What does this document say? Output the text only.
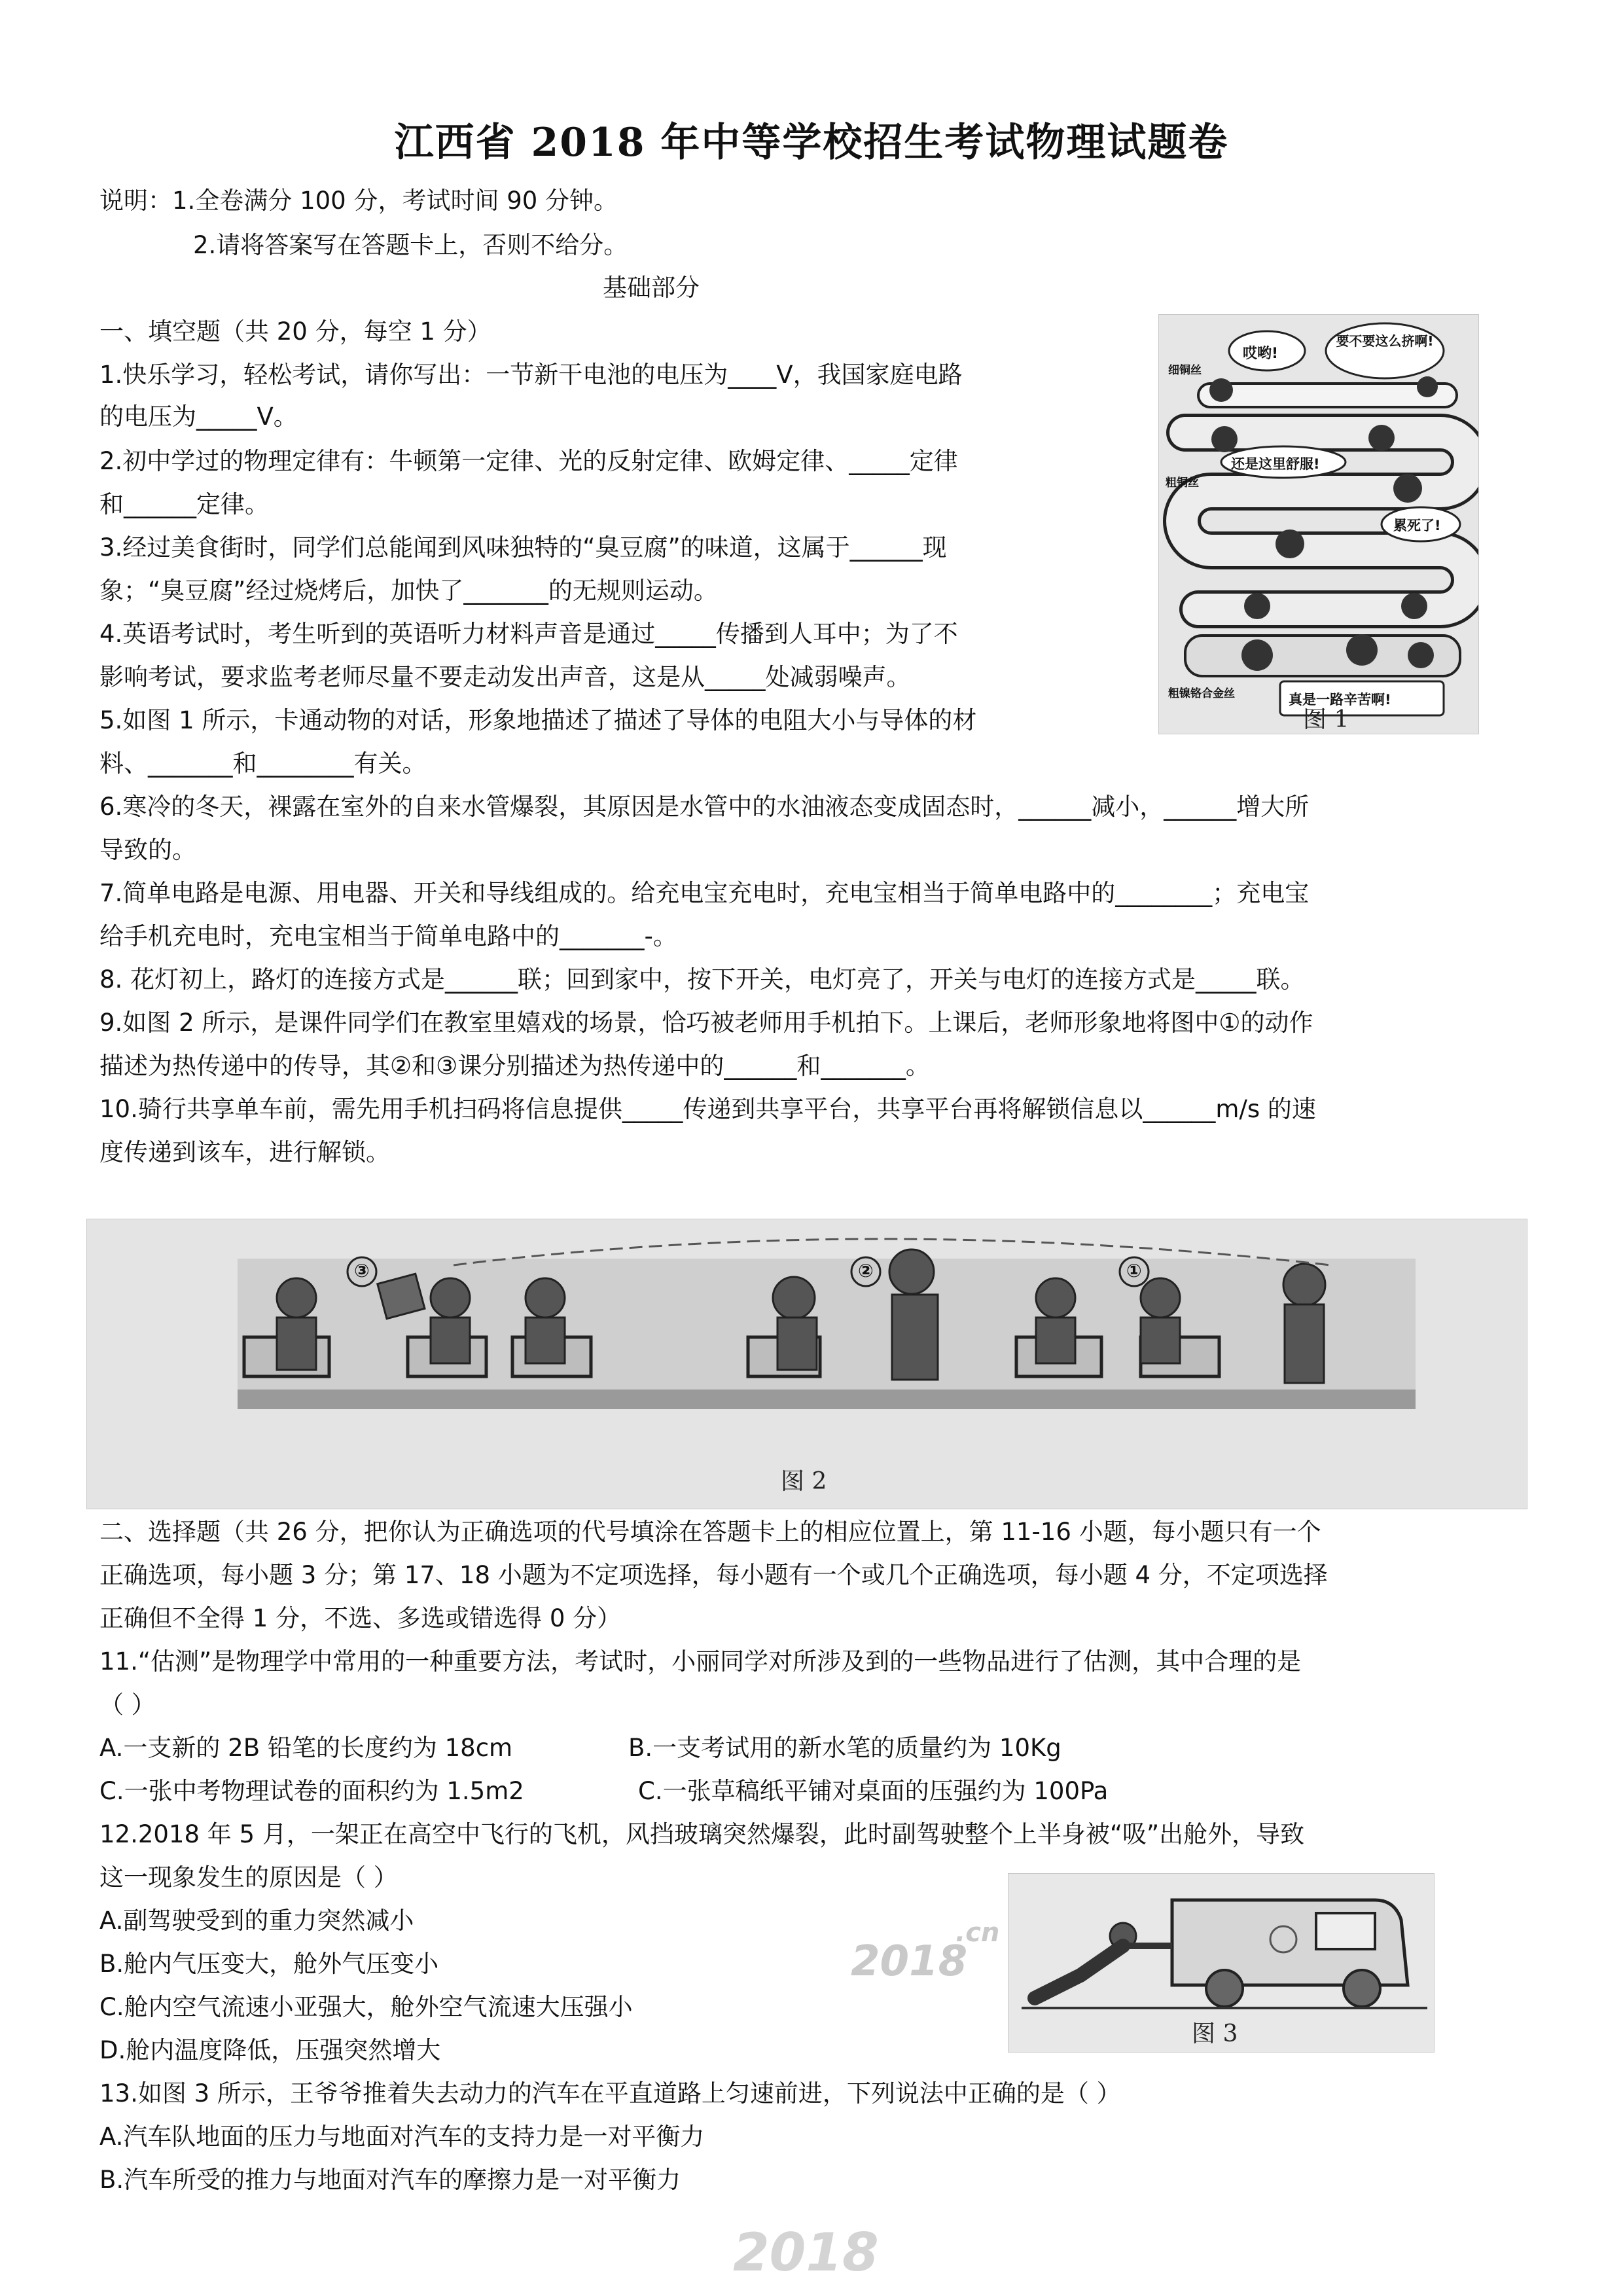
江西省 2018 年中等学校招生考试物理试题卷
说明：1.全卷满分 100 分，考试时间 90 分钟。
2.请将答案写在答题卡上，否则不给分。
基础部分
一、填空题（共 20 分，每空 1 分）
1.快乐学习，轻松考试，请你写出：一节新干电池的电压为____V，我国家庭电路
的电压为_____V。
2.初中学过的物理定律有：牛顿第一定律、光的反射定律、欧姆定律、_____定律
和______定律。
3.经过美食街时，同学们总能闻到风味独特的“臭豆腐”的味道，这属于______现
象；“臭豆腐”经过烧烤后，加快了_______的无规则运动。
4.英语考试时，考生听到的英语听力材料声音是通过_____传播到人耳中；为了不
影响考试，要求监考老师尽量不要走动发出声音，这是从_____处减弱噪声。
5.如图 1 所示，卡通动物的对话，形象地描述了描述了导体的电阻大小与导体的材
料、_______和________有关。
6.寒冷的冬天，裸露在室外的自来水管爆裂，其原因是水管中的水油液态变成固态时，______减小，______增大所
导致的。
7.简单电路是电源、用电器、开关和导线组成的。给充电宝充电时，充电宝相当于简单电路中的________；充电宝
给手机充电时，充电宝相当于简单电路中的_______-。
8. 花灯初上，路灯的连接方式是______联；回到家中，按下开关，电灯亮了，开关与电灯的连接方式是_____联。
9.如图 2 所示，是课件同学们在教室里嬉戏的场景，恰巧被老师用手机拍下。上课后，老师形象地将图中①的动作
描述为热传递中的传导，其②和③课分别描述为热传递中的______和_______。
10.骑行共享单车前，需先用手机扫码将信息提供_____传递到共享平台，共享平台再将解锁信息以______m/s 的速
度传递到该车，进行解锁。
细铜丝
粗铜丝
粗镍铬合金丝
哎哟!
要不要这么挤啊!
还是这里舒服!
累死了!
真是一路辛苦啊!
图 1
③	②	①
图 2
二、选择题（共 26 分，把你认为正确选项的代号填涂在答题卡上的相应位置上，第 11-16 小题，每小题只有一个
正确选项，每小题 3 分；第 17、18 小题为不定项选择，每小题有一个或几个正确选项，每小题 4 分，不定项选择
正确但不全得 1 分，不选、多选或错选得 0 分）
11.“估测”是物理学中常用的一种重要方法，考试时，小丽同学对所涉及到的一些物品进行了估测，其中合理的是
（ ）
A.一支新的 2B 铅笔的长度约为 18cm	B.一支考试用的新水笔的质量约为 10Kg
C.一张中考物理试卷的面积约为 1.5m2	C.一张草稿纸平铺对桌面的压强约为 100Pa
12.2018 年 5 月，一架正在高空中飞行的飞机，风挡玻璃突然爆裂，此时副驾驶整个上半身被“吸”出舱外，导致
这一现象发生的原因是（ ）
A.副驾驶受到的重力突然减小
B.舱内气压变大，舱外气压变小
C.舱内空气流速小亚强大，舱外空气流速大压强小
D.舱内温度降低，压强突然增大
13.如图 3 所示，王爷爷推着失去动力的汽车在平直道路上匀速前进，下列说法中正确的是（ ）
A.汽车队地面的压力与地面对汽车的支持力是一对平衡力
B.汽车所受的推力与地面对汽车的摩擦力是一对平衡力
图 3
2018
.cn
2018
